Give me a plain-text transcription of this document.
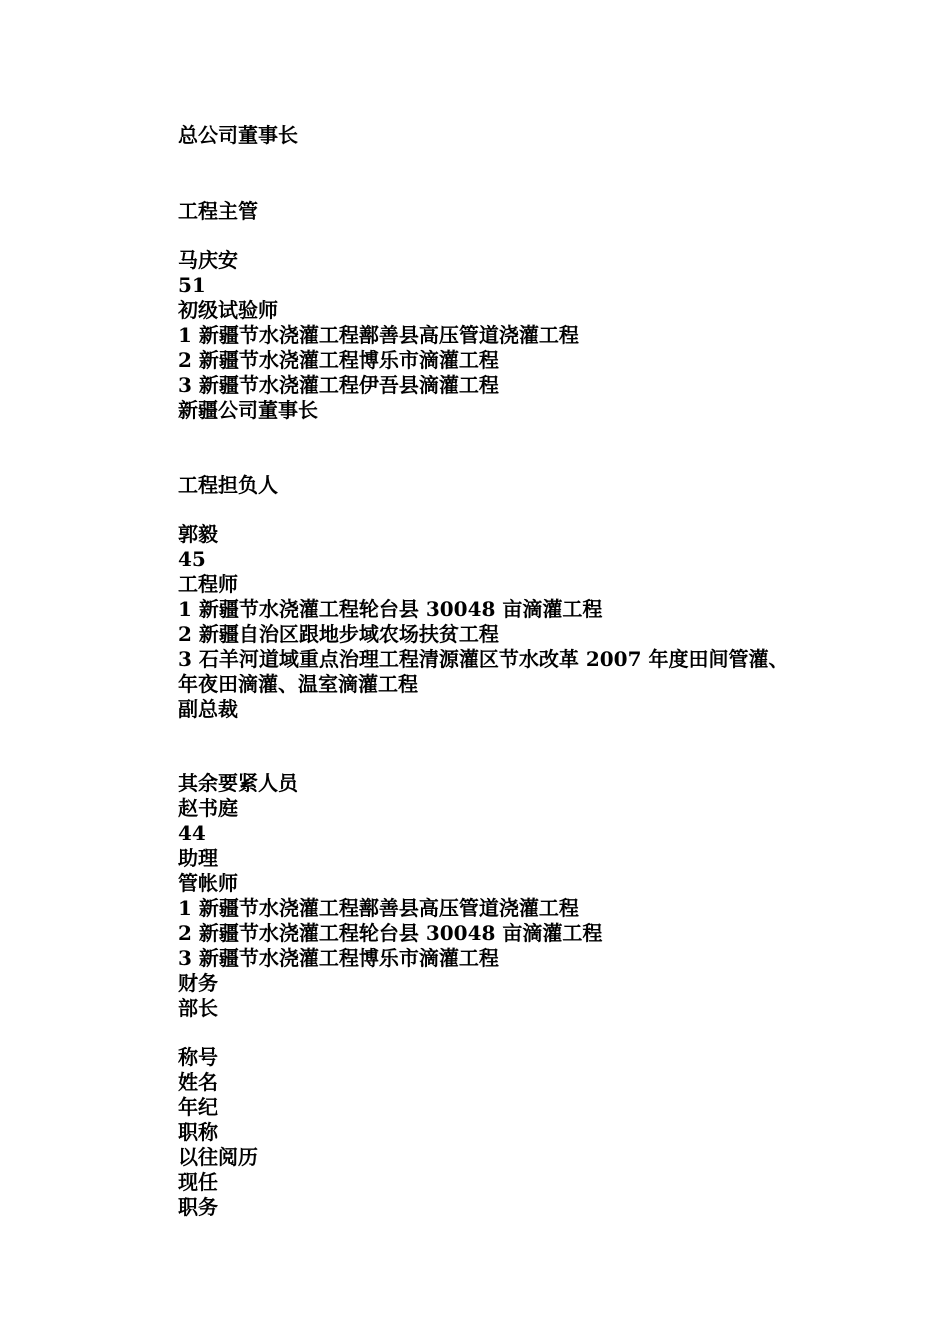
总公司董事长
工程主管
马庆安
51
初级试验师
1 新疆节水浇灌工程鄯善县高压管道浇灌工程
2 新疆节水浇灌工程博乐市滴灌工程
3 新疆节水浇灌工程伊吾县滴灌工程
新疆公司董事长
工程担负人
郭毅
45
工程师
1 新疆节水浇灌工程轮台县 30048 亩滴灌工程
2 新疆自治区跟地步域农场扶贫工程
3 石羊河道域重点治理工程清源灌区节水改革 2007 年度田间管灌、
年夜田滴灌、温室滴灌工程
副总裁
其余要紧人员
赵书庭
44
助理
管帐师
1 新疆节水浇灌工程鄯善县高压管道浇灌工程
2 新疆节水浇灌工程轮台县 30048 亩滴灌工程
3 新疆节水浇灌工程博乐市滴灌工程
财务
部长
称号
姓名
年纪
职称
以往阅历
现任
职务
